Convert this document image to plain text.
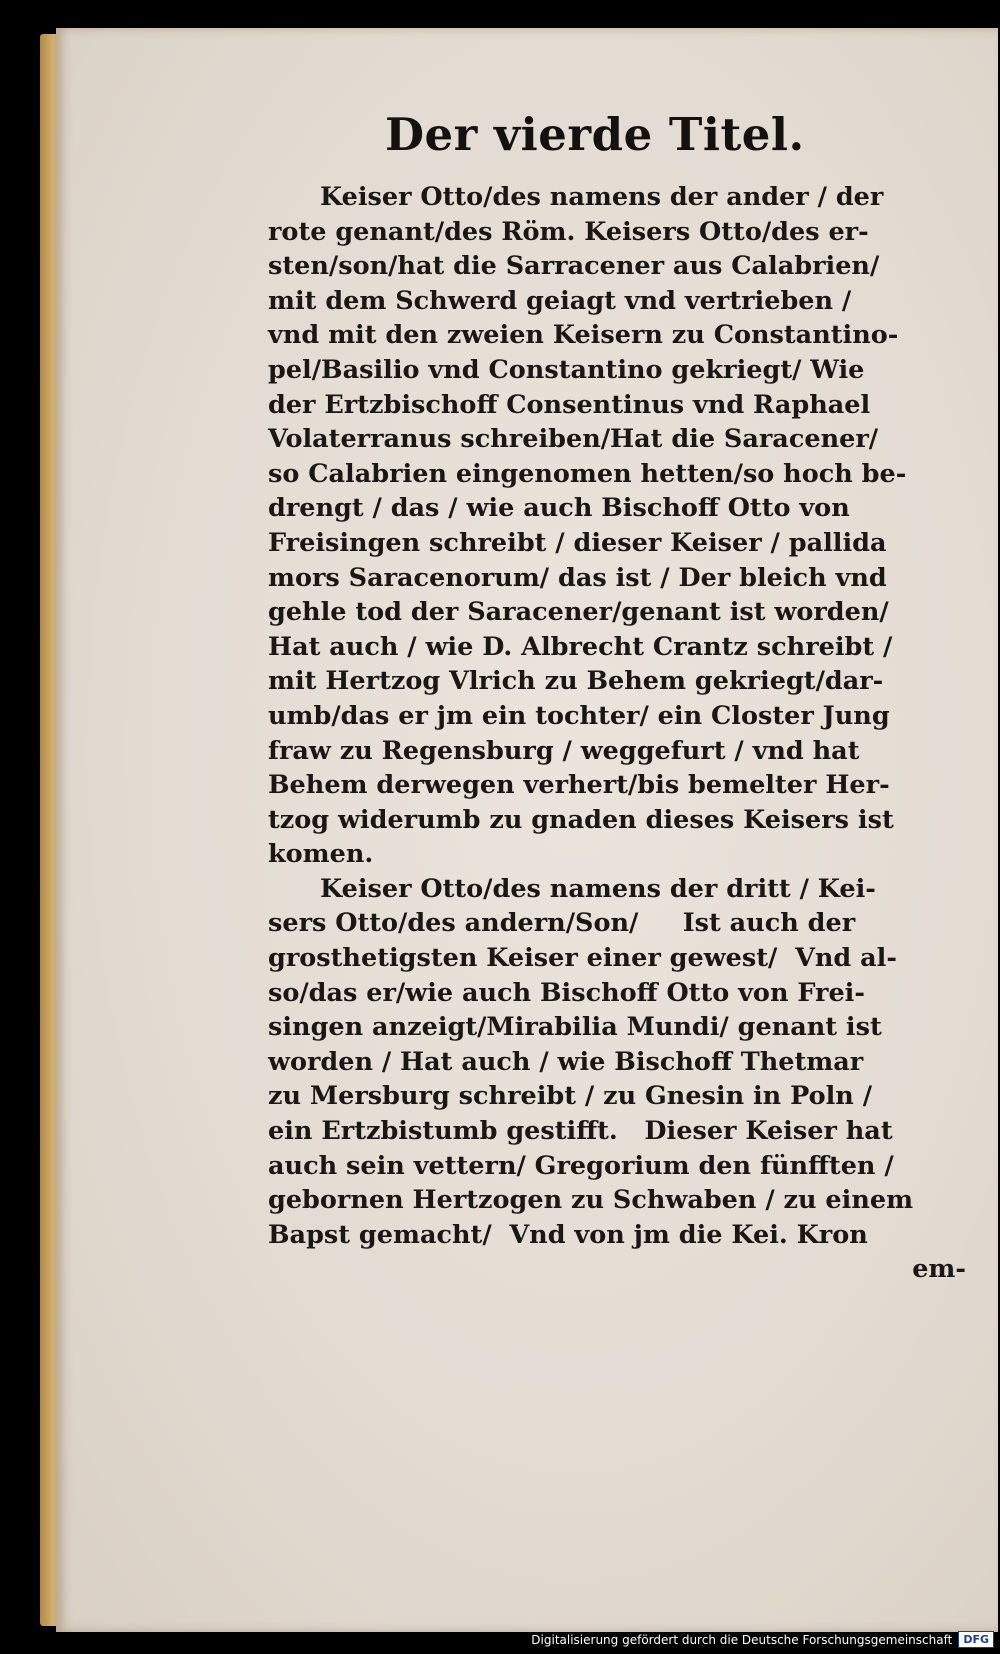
Der vierde Titel.
Keiser Otto/des namens der ander / der
rote genant/des Röm. Keisers Otto/des er-
sten/son/hat die Sarracener aus Calabrien/
mit dem Schwerd geiagt vnd vertrieben /
vnd mit den zweien Keisern zu Constantino-
pel/Basilio vnd Constantino gekriegt/ Wie
der Ertzbischoff Consentinus vnd Raphael
Volaterranus schreiben/Hat die Saracener/
so Calabrien eingenomen hetten/so hoch be-
drengt / das / wie auch Bischoff Otto von
Freisingen schreibt / dieser Keiser / pallida
mors Saracenorum/ das ist / Der bleich vnd
gehle tod der Saracener/genant ist worden/
Hat auch / wie D. Albrecht Crantz schreibt /
mit Hertzog Vlrich zu Behem gekriegt/dar-
umb/das er jm ein tochter/ ein Closter Jung
fraw zu Regensburg / weggefurt / vnd hat
Behem derwegen verhert/bis bemelter Her-
tzog widerumb zu gnaden dieses Keisers ist
komen.
Keiser Otto/des namens der dritt / Kei-
sers Otto/des andern/Son/     Ist auch der
grosthetigsten Keiser einer gewest/  Vnd al-
so/das er/wie auch Bischoff Otto von Frei-
singen anzeigt/Mirabilia Mundi/ genant ist
worden / Hat auch / wie Bischoff Thetmar
zu Mersburg schreibt / zu Gnesin in Poln /
ein Ertzbistumb gestifft.   Dieser Keiser hat
auch sein vettern/ Gregorium den fünfften /
gebornen Hertzogen zu Schwaben / zu einem
Bapst gemacht/  Vnd von jm die Kei. Kron
em-
Digitalisierung gefördert durch die Deutsche Forschungsgemeinschaft	DFG
